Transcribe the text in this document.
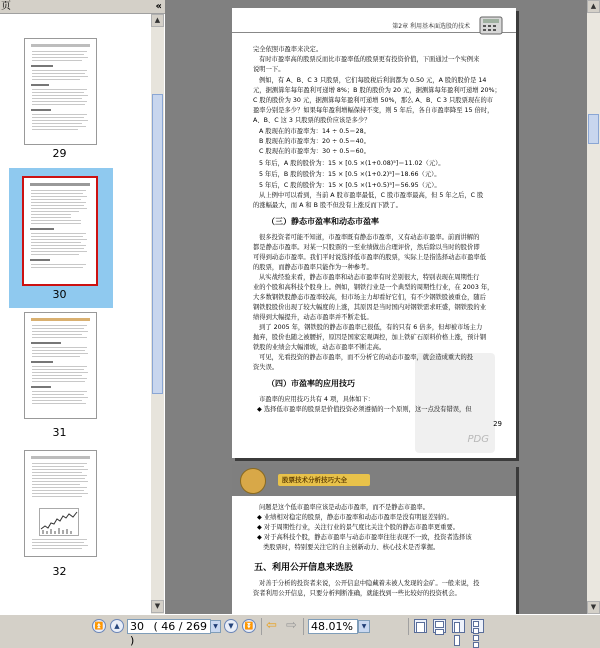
页	«
29
30
31
32
▲
▼
第2章 利用基本面选股的技术
完全依照市盈率来决定。
有时市盈率高的股票反而比市盈率低的股票更有投资价值，下面通过一个实例来
说明一下。
例如，有 A、B、C 3 只股票，它们每股税后利润都为 0.50 元，A 股的股价是 14
元，据测算年每年盈利可递增 8%；B 股的股价为 20 元，据测算每年盈利可递增 20%；
C 股的股价为 30 元，据测算每年盈利可递增 50%，那么 A、B、C 3 只股票现在的市
盈率分别是多少？如果每年盈利增幅保持不变，则 5 年后，各自市盈率降至 15 倍时，
A、B、C 这 3 只股票的股价应该是多少？
A 股现在的市盈率为：14 ÷ 0.5＝28。
B 股现在的市盈率为：20 ÷ 0.5＝40。
C 股现在的市盈率为：30 ÷ 0.5＝60。
5 年后，A 股的股价为：15 × [0.5 ×(1+0.08)⁵]＝11.02（元）。
5 年后，B 股的股价为：15 × [0.5 ×(1+0.2)⁵]＝18.66（元）。
5 年后，C 股的股价为：15 × [0.5 ×(1+0.5)⁵]＝56.95（元）。
从上例中可以看到，当前 A 股市盈率最低，C 股市盈率最高，但 5 年之后，C 股
的涨幅最大，而 A 和 B 股不但没有上涨反而下跌了。
（三）静态市盈率和动态市盈率
很多投资者可能不知道，市盈率既有静态市盈率，又有动态市盈率。前面讲解的
都是静态市盈率。对某一只股票的一至业绩做出合理评价，然后除以当时的股价即
可得到动态市盈率。我们平时说选择低市盈率的股票，实际上是指选择动态市盈率低
的股票，而静态市盈率只能作为一种参考。
从实战经验来看，静态市盈率和动态市盈率有时差别很大，特别表现在周期性行
业的个股和高科技个股身上。例如，钢铁行业是一个典型的周期性行业，在 2003 年，
大多数钢铁股静态市盈率较高，但市场主力却看好它们，有不少钢铁股被重仓，随后
钢铁股股价出现了较大幅度的上涨，其原因是当时国内对钢铁需求旺盛，钢铁股的业
绩得到大幅提升，动态市盈率并不断走低。
到了 2005 年，钢铁股的静态市盈率已很低，有的只有 6 倍多，但却被市场主力
抛弃，股价也随之被腰折，原因是国家宏观调控，加上铁矿石原料价格上涨，预计钢
铁股的业绩会大幅滑坡，动态市盈率不断走高。
可见，光看投资的静态市盈率，而不分析它的动态市盈率，就会造成重大的投
资失误。
（四）市盈率的应用技巧
市盈率的应用技巧共有 4 项，具体如下：
◆ 选择低市盈率的股票是价值投资必须遵循的一个原则，这一点没有错误，但
PDG
29
股票技术分析技巧大全
问题是这个低市盈率应该是动态市盈率，而不是静态市盈率。
◆ 业绩相对稳定的股票，静态市盈率和动态市盈率是没有明显差别的。
◆ 对于周期性行业，关注行业的景气度比关注个股的静态市盈率更重要。
◆ 对于高科技个股，静态市盈率与动态市盈率往往表现不一致，投资者选择该
类股票时，特别要关注它的自主创新动力、核心技术是否掌握。
五、利用公开信息来选股
对善于分析的投资者来说，公开信息中隐藏着未被人发现的金矿。一般来说，投
资者利用公开信息，只要分析判断准确，就能找到一些比较好的投资机会。
▲
▼
⏫	▲ 30 ( 46 / 269 )
▼	▼	⏬ ⇦ ⇨ 48.01%	▼
